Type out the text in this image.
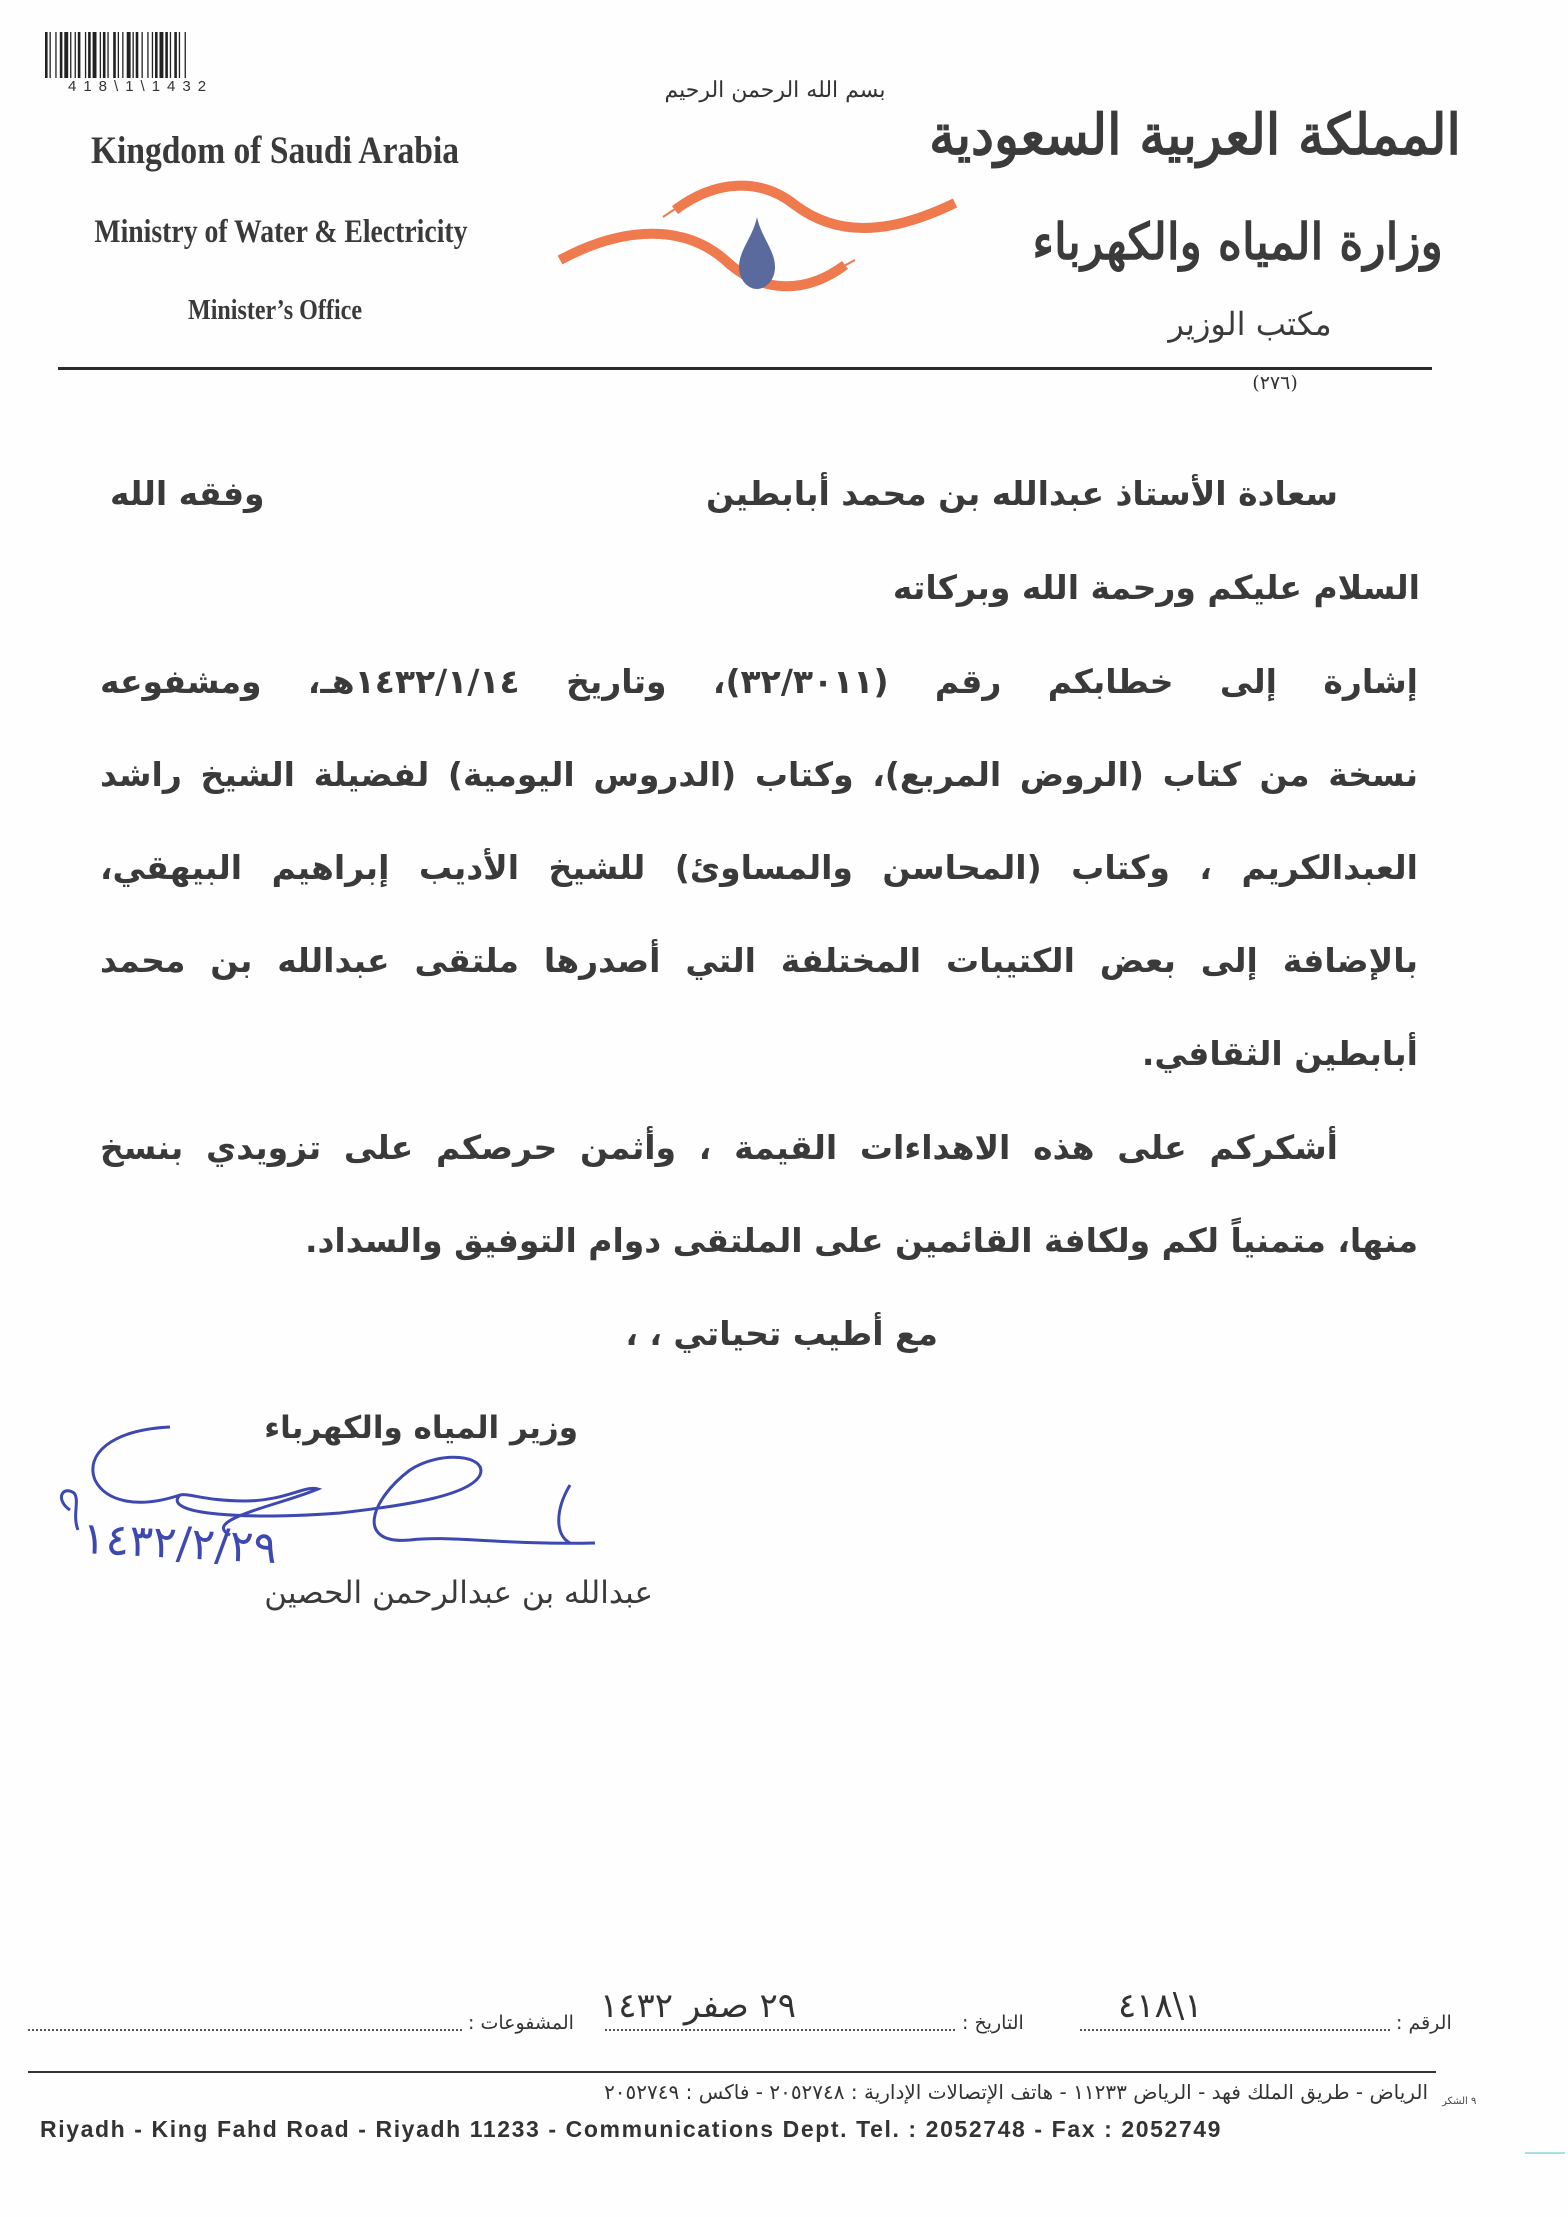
418\1\1432
Kingdom of Saudi Arabia
Ministry of Water & Electricity
Minister’s Office
بسم الله الرحمن الرحيم
المملكة العربية السعودية
وزارة المياه والكهرباء
مكتب الوزير
(٢٧٦)
سعادة الأستاذ عبدالله بن محمد أبابطين
وفقه الله
السلام عليكم ورحمة الله وبركاته
إشارة إلى خطابكم رقم (٣٢/٣٠١١)، وتاريخ ١٤٣٢/١/١٤هـ، ومشفوعه
نسخة من كتاب (الروض المربع)، وكتاب (الدروس اليومية) لفضيلة الشيخ راشد
العبدالكريم ، وكتاب (المحاسن والمساوئ) للشيخ الأديب إبراهيم البيهقي،
بالإضافة إلى بعض الكتيبات المختلفة التي أصدرها ملتقى عبدالله بن محمد
أبابطين الثقافي.
أشكركم على هذه الاهداءات القيمة ، وأثمن حرصكم على تزويدي بنسخ
منها، متمنياً لكم ولكافة القائمين على الملتقى دوام التوفيق والسداد.
مع أطيب تحياتي ، ،
وزير المياه والكهرباء
١٤٣٢/٢/٢٩
عبدالله بن عبدالرحمن الحصين
الرقم :
١\٤١٨
التاريخ :
٢٩ صفر ١٤٣٢
المشفوعات :
الرياض - طريق الملك فهد - الرياض ١١٢٣٣ - هاتف الإتصالات الإدارية : ٢٠٥٢٧٤٨ - فاكس : ٢٠٥٢٧٤٩ ٩ الشكر
Riyadh - King Fahd Road - Riyadh 11233 - Communications Dept. Tel. : 2052748 - Fax : 2052749
